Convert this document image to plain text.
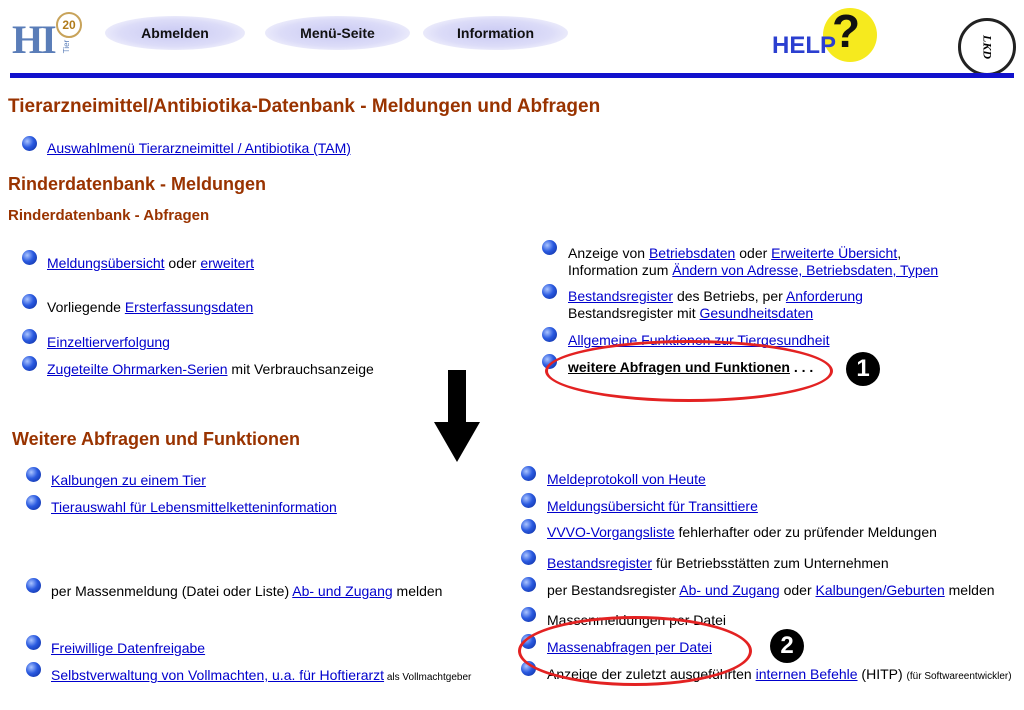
HI 20
Tier
Abmelden	Menü-Seite	Information	?
HELP	LKD
Tierarzneimittel/Antibiotika-Datenbank - Meldungen und Abfragen
Auswahlmenü Tierarzneimittel / Antibiotika (TAM)
Rinderdatenbank - Meldungen
Rinderdatenbank - Abfragen
Meldungsübersicht oder erweitert
Vorliegende Ersterfassungsdaten
Einzeltierverfolgung
Zugeteilte Ohrmarken-Serien mit Verbrauchsanzeige
Anzeige von Betriebsdaten oder Erweiterte Übersicht,
Information zum Ändern von Adresse, Betriebsdaten, Typen
Bestandsregister des Betriebs, per Anforderung
Bestandsregister mit Gesundheitsdaten
Allgemeine Funktionen zur Tiergesundheit
weitere Abfragen und Funktionen . . .	1
Weitere Abfragen und Funktionen
Kalbungen zu einem Tier
Tierauswahl für Lebensmittelketteninformation
per Massenmeldung (Datei oder Liste) Ab- und Zugang melden
Freiwillige Datenfreigabe
Selbstverwaltung von Vollmachten, u.a. für Hoftierarzt als Vollmachtgeber
Meldeprotokoll von Heute
Meldungsübersicht für Transittiere
VVVO-Vorgangsliste fehlerhafter oder zu prüfender Meldungen
Bestandsregister für Betriebsstätten zum Unternehmen
per Bestandsregister Ab- und Zugang oder Kalbungen/Geburten melden
Massenmeldungen per Datei
Massenabfragen per Datei
Anzeige der zuletzt ausgeführten internen Befehle (HITP) (für Softwareentwickler)
2
